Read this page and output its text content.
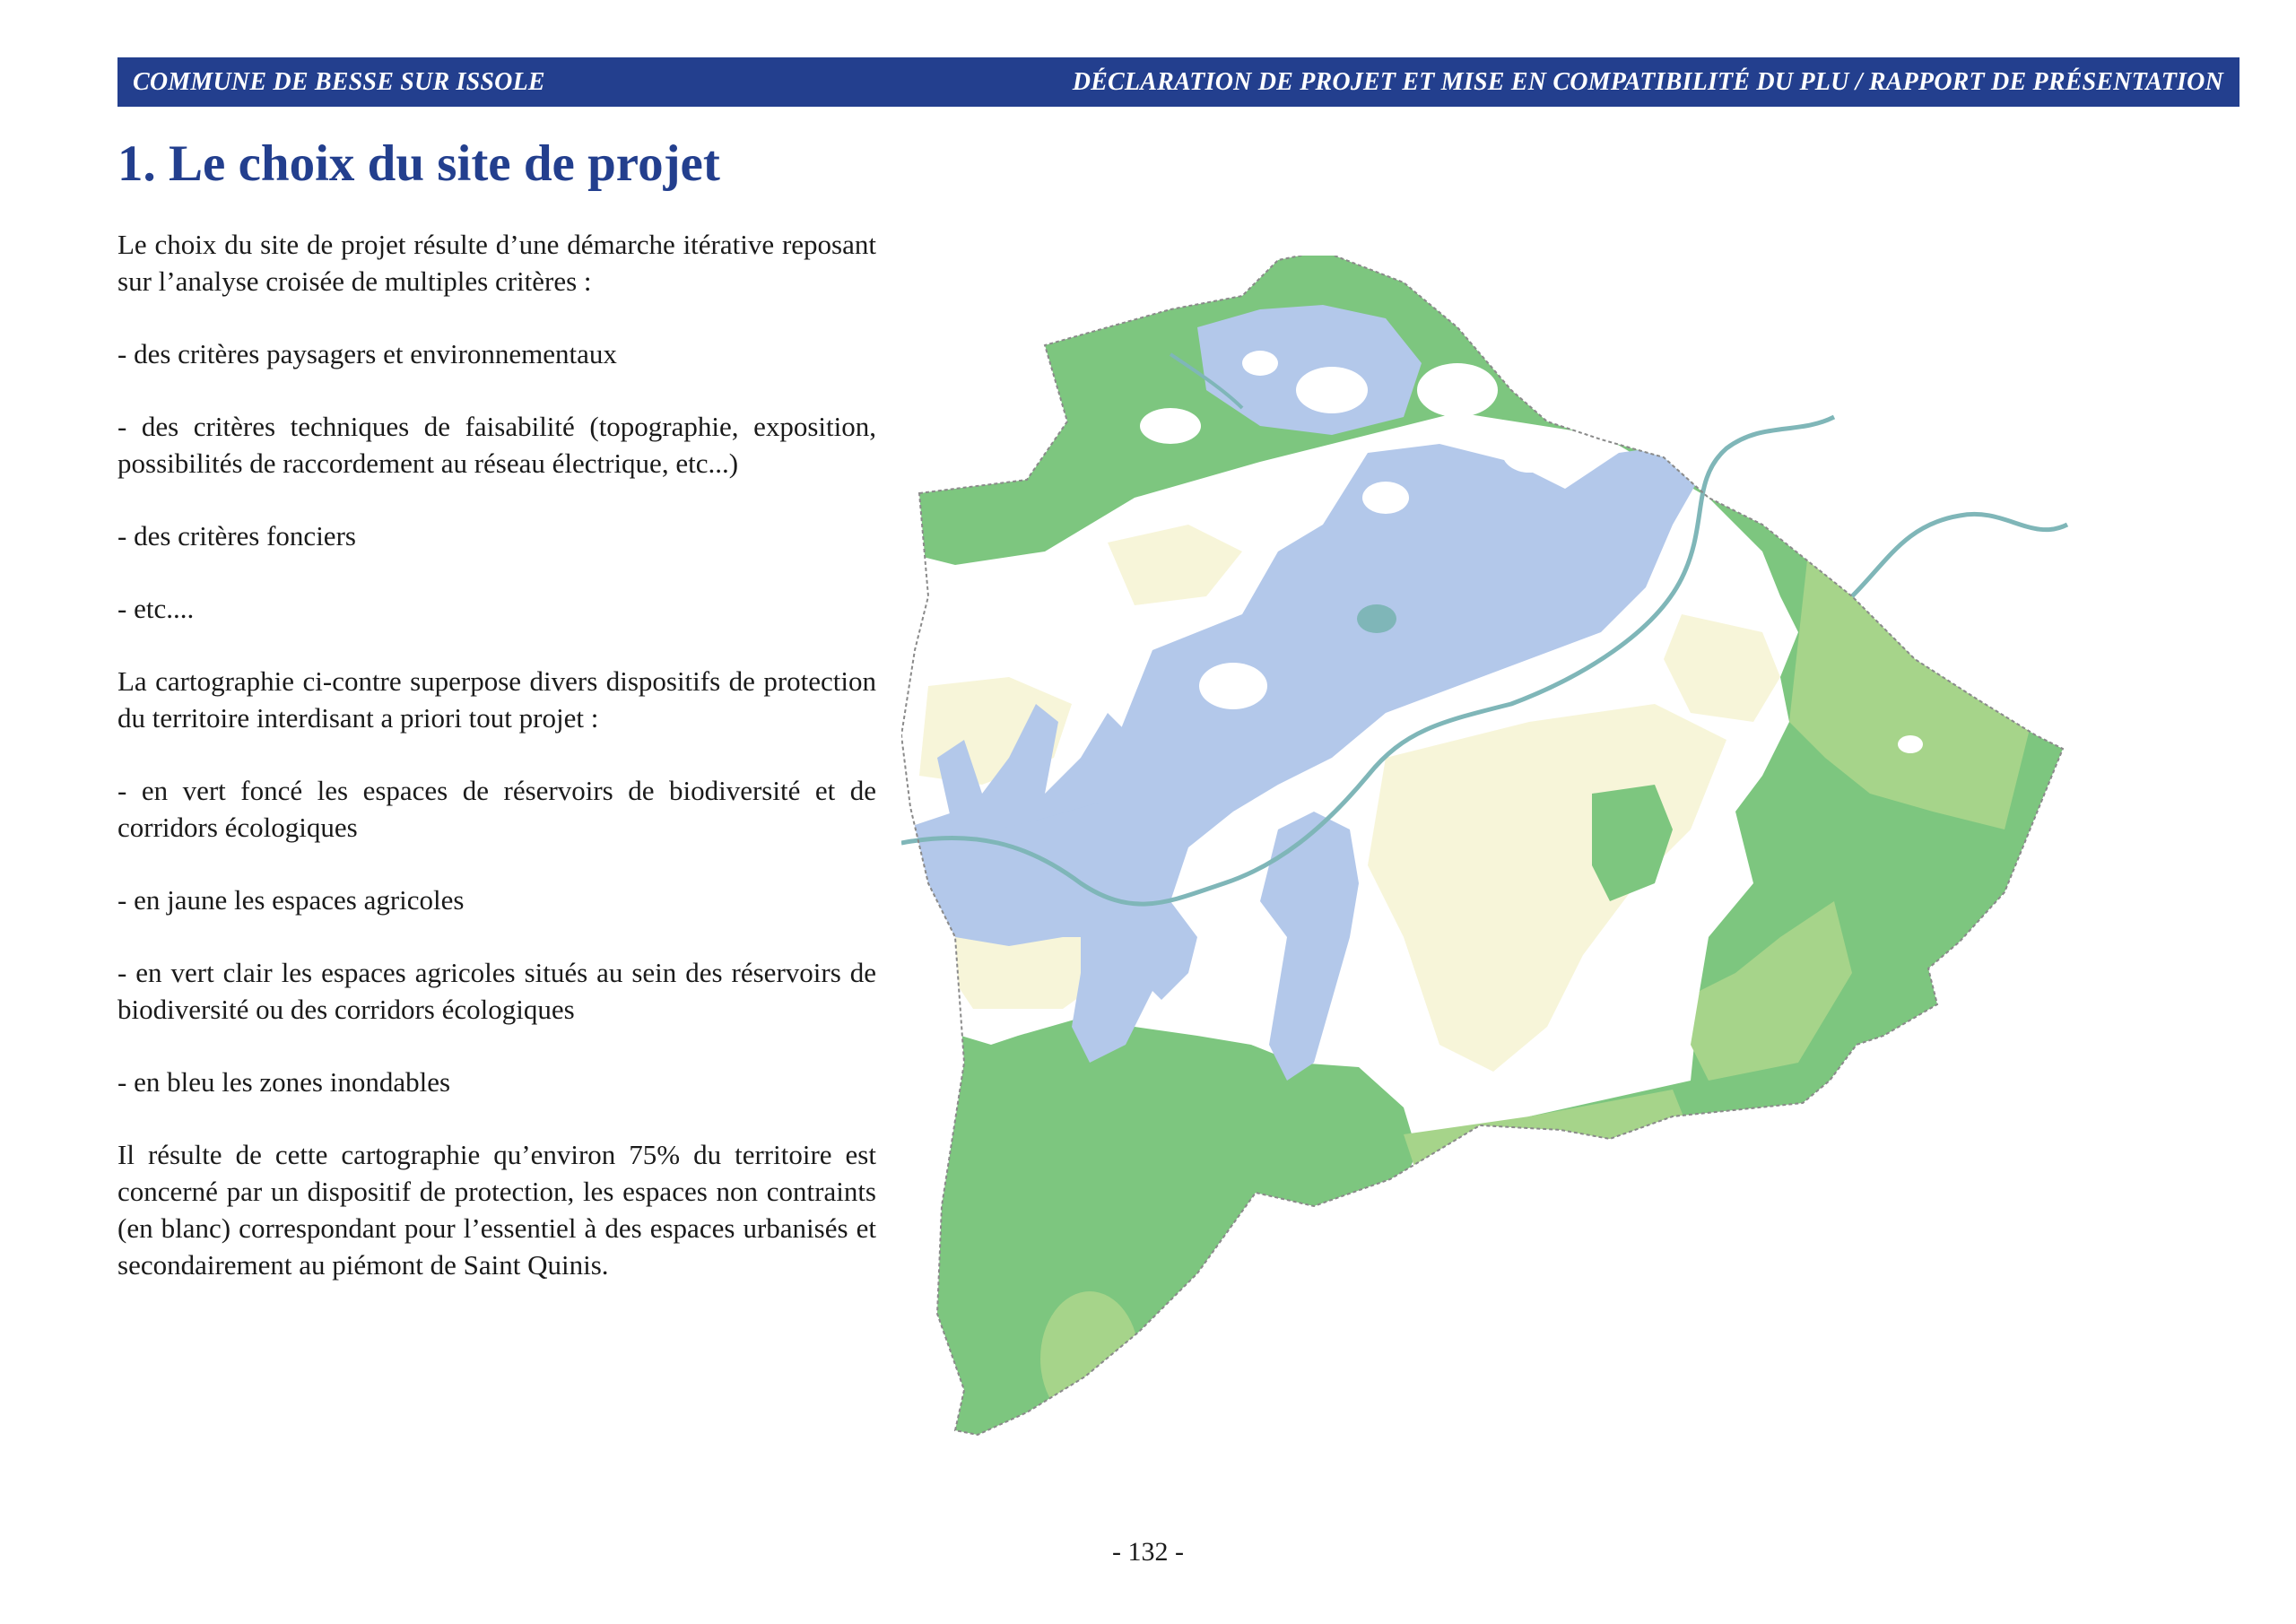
COMMUNE DE BESSE SUR ISSOLE	DÉCLARATION DE PROJET ET MISE EN COMPATIBILITÉ DU PLU / RAPPORT DE PRÉSENTATION
1. Le choix du site de projet

Le choix du site de projet résulte d’une démarche itérative reposant sur l’analyse croisée de multiples critères :

- des critères paysagers et environnementaux

- des critères techniques de faisabilité (topographie, exposition, possibilités de raccordement au réseau électrique, etc...)

- des critères fonciers

- etc....

La cartographie ci-contre superpose divers dispositifs de protection du territoire interdisant a priori tout projet :

- en vert foncé les espaces de réservoirs de biodiversité et de corridors écologiques

- en jaune les espaces agricoles

- en vert clair les espaces agricoles situés au sein des réservoirs de biodiversité ou des corridors écologiques

- en bleu les zones inondables

Il résulte de cette cartographie qu’environ 75% du territoire est concerné par un dispositif de protection, les espaces non contraints (en blanc) correspondant pour l’essentiel à des espaces urbanisés et secondairement au piémont de Saint Quinis.

- 132 -
